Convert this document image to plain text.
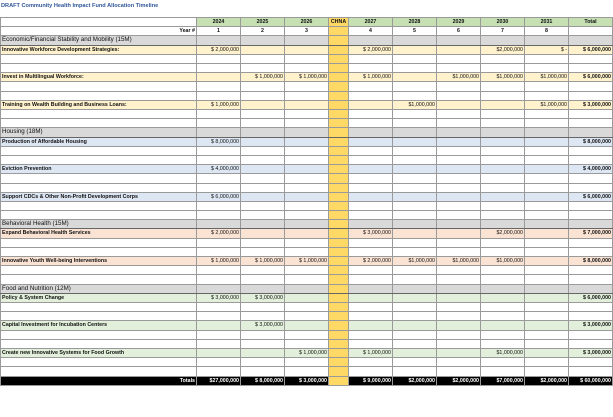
DRAFT Community Health Impact Fund Allocation Timeline
	2024	2025	2026	CHNA	2027	2028	2029	2030	2031	Total
Year #	1	2	3		4	5	6	7	8	
Economic/Financial Stability and Mobility (15M)										
Innovative Workforce Development Strategies:	$ 2,000,000				$ 2,000,000			$2,000,000	$ -	$ 6,000,000

Invest in Multilingual Workforce:		$ 1,000,000	$ 1,000,000		$ 1,000,000		$1,000,000	$1,000,000	$1,000,000	$ 6,000,000

Training on Wealth Building and Business Loans:	$ 1,000,000					$1,000,000			$1,000,000	$ 3,000,000

Housing (18M)										
Production of Affordable Housing	$ 8,000,000									$ 8,000,000

Eviction Prevention	$ 4,000,000									$ 4,000,000

Support CDCs & Other Non-Profit Development Corps	$ 6,000,000									$ 6,000,000

Behavioral Health (15M)										
Expand Behavioral Health Services	$ 2,000,000				$ 3,000,000			$2,000,000		$ 7,000,000

Innovative Youth Well-being Interventions	$ 1,000,000	$ 1,000,000	$ 1,000,000		$ 2,000,000	$1,000,000	$1,000,000	$1,000,000		$ 8,000,000

Food and Nutrition (12M)										
Policy & System Change	$ 3,000,000	$ 3,000,000								$ 6,000,000

Capital Investment for Incubation Centers		$ 3,000,000								$ 3,000,000

Create new Innovative Systems for Food Growth			$ 1,000,000		$ 1,000,000			$1,000,000		$ 3,000,000

Totals	$27,000,000	$ 8,000,000	$ 3,000,000		$ 9,000,000	$2,000,000	$2,000,000	$7,000,000	$2,000,000	$ 60,000,000
